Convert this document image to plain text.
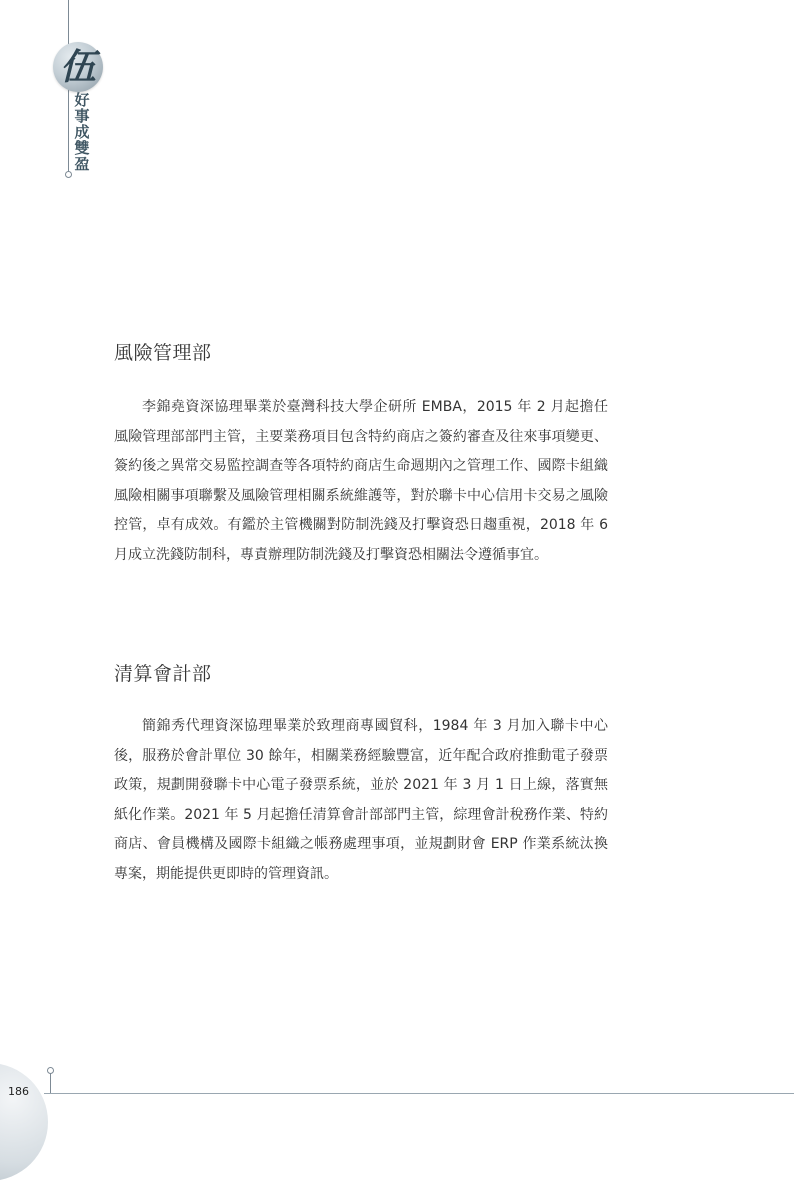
伍
好
事
成
雙
盈
風險管理部

李錦堯資深協理畢業於臺灣科技大學企研所 EMBA，2015 年 2 月起擔任風險管理部部門主管，主要業務項目包含特約商店之簽約審查及往來事項變更、簽約後之異常交易監控調查等各項特約商店生命週期內之管理工作、國際卡組織風險相關事項聯繫及風險管理相關系統維護等，對於聯卡中心信用卡交易之風險控管，卓有成效。有鑑於主管機關對防制洗錢及打擊資恐日趨重視，2018 年 6 月成立洗錢防制科，專責辦理防制洗錢及打擊資恐相關法令遵循事宜。

清算會計部

簡錦秀代理資深協理畢業於致理商專國貿科，1984 年 3 月加入聯卡中心後，服務於會計單位 30 餘年，相關業務經驗豐富，近年配合政府推動電子發票政策，規劃開發聯卡中心電子發票系統，並於 2021 年 3 月 1 日上線，落實無紙化作業。2021 年 5 月起擔任清算會計部部門主管，綜理會計稅務作業、特約商店、會員機構及國際卡組織之帳務處理事項，並規劃財會 ERP 作業系統汰換專案，期能提供更即時的管理資訊。

186
